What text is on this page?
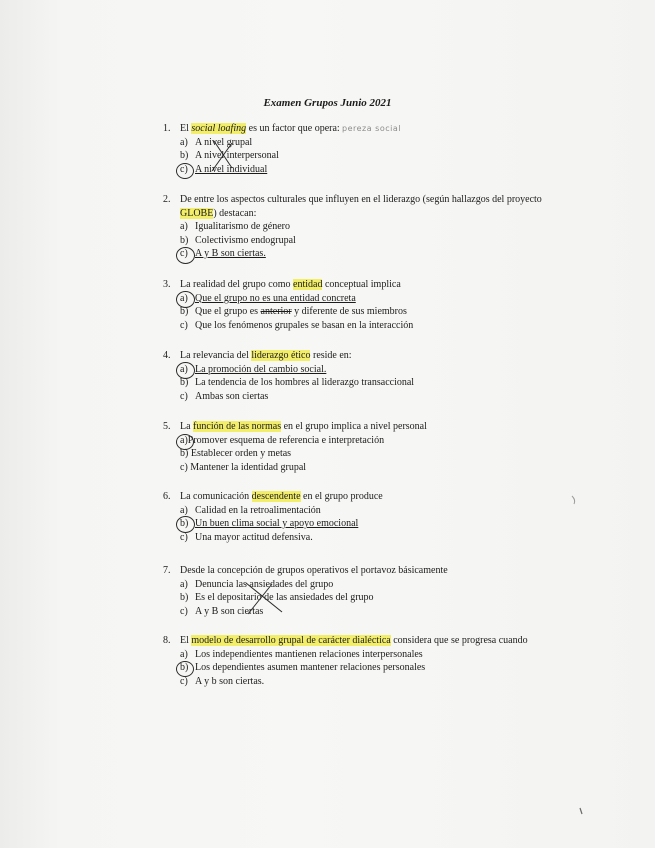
Examen Grupos Junio 2021
1. El social loafing es un factor que opera:
a) A nivel grupal
b) A nivel interpersonal
c) A nivel individual
pereza social
2. De entre los aspectos culturales que influyen en el liderazgo (según hallazgos del proyecto GLOBE) destacan:
a) Igualitarismo de género
b) Colectivismo endogrupal
c) A y B son ciertas.
3. La realidad del grupo como entidad conceptual implica
a) Que el grupo no es una entidad concreta
b) Que el grupo es anterior y diferente de sus miembros
c) Que los fenómenos grupales se basan en la interacción
4. La relevancia del liderazgo ético reside en:
a) La promoción del cambio social.
b) La tendencia de los hombres al liderazgo transaccional
c) Ambas son ciertas
5. La función de las normas en el grupo implica a nivel personal
a)Promover esquema de referencia e interpretación
b) Establecer orden y metas
c) Mantener la identidad grupal
6. La comunicación descendente en el grupo produce
a) Calidad en la retroalimentación
b) Un buen clima social y apoyo emocional
c) Una mayor actitud defensiva.
7. Desde la concepción de grupos operativos el portavoz básicamente
a) Denuncia las ansiedades del grupo
b) Es el depositario de las ansiedades del grupo
c) A y B son ciertas
8. El modelo de desarrollo grupal de carácter dialéctica considera que se progresa cuando
a) Los independientes mantienen relaciones interpersonales
b) Los dependientes asumen mantener relaciones personales
c) A y b son ciertas.
